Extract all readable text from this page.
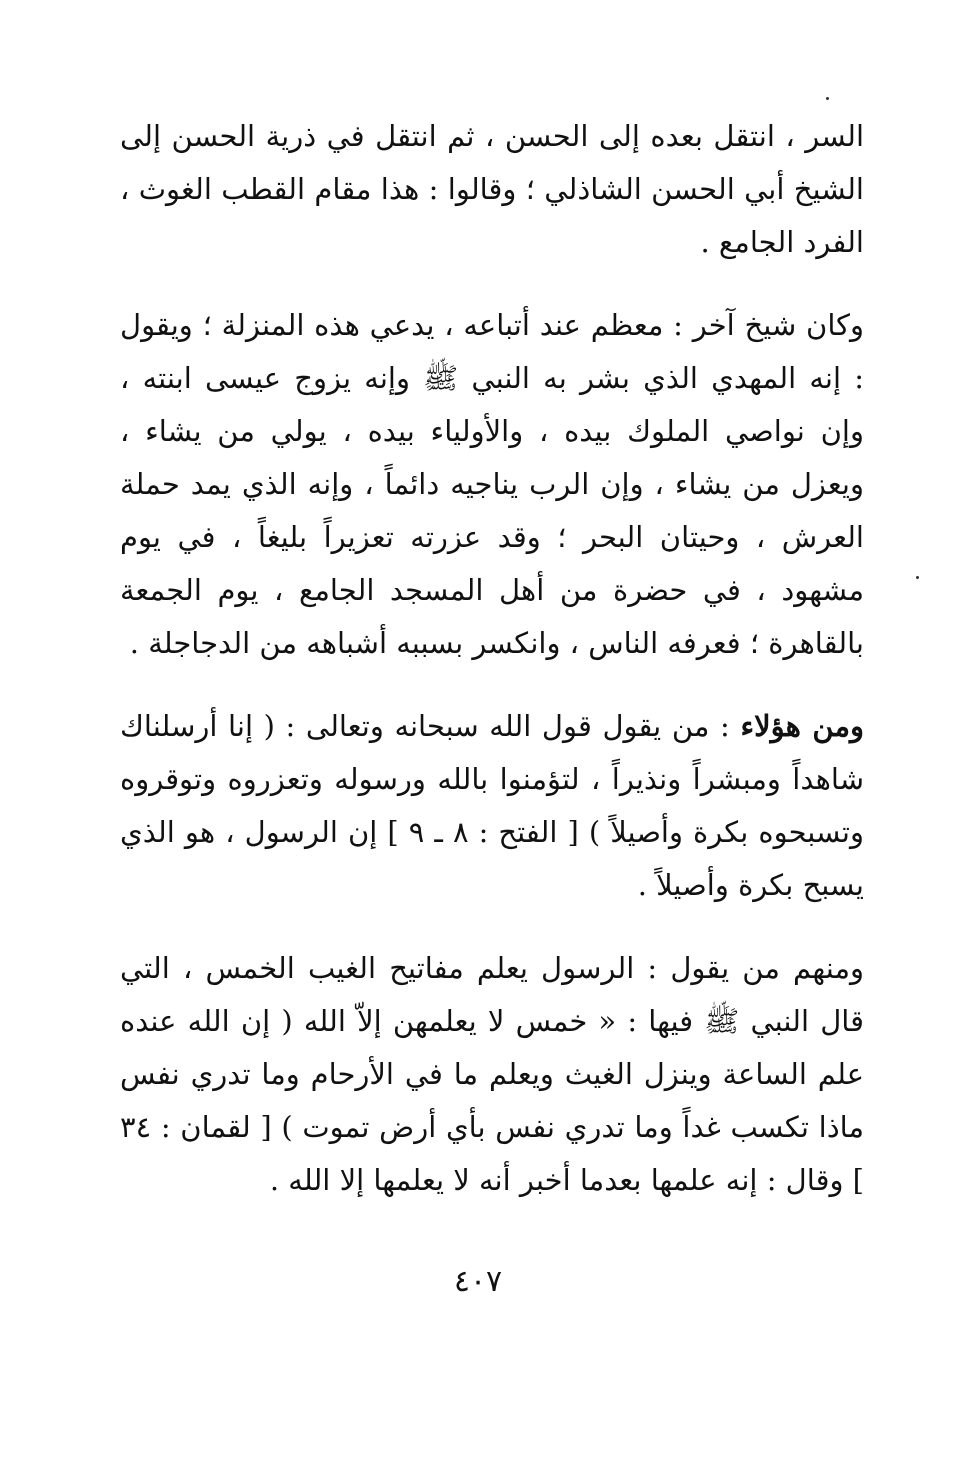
السر ، انتقل بعده إلى الحسن ، ثم انتقل في ذرية الحسن إلى الشيخ أبي الحسن الشاذلي ؛ وقالوا : هذا مقام القطب الغوث ، الفرد الجامع .

وكان شيخ آخر : معظم عند أتباعه ، يدعي هذه المنزلة ؛ ويقول : إنه المهدي الذي بشر به النبي ﷺ وإنه يزوج عيسى ابنته ، وإن نواصي الملوك بيده ، والأولياء بيده ، يولي من يشاء ، ويعزل من يشاء ، وإن الرب يناجيه دائماً ، وإنه الذي يمد حملة العرش ، وحيتان البحر ؛ وقد عزرته تعزيراً بليغاً ، في يوم مشهود ، في حضرة من أهل المسجد الجامع ، يوم الجمعة بالقاهرة ؛ فعرفه الناس ، وانكسر بسببه أشباهه من الدجاجلة .

ومن هؤلاء : من يقول قول الله سبحانه وتعالى : ( إنا أرسلناك شاهداً ومبشراً ونذيراً ، لتؤمنوا بالله ورسوله وتعزروه وتوقروه وتسبحوه بكرة وأصيلاً ) [ الفتح : ٨ ـ ٩ ] إن الرسول ، هو الذي يسبح بكرة وأصيلاً .

ومنهم من يقول : الرسول يعلم مفاتيح الغيب الخمس ، التي قال النبي ﷺ فيها : « خمس لا يعلمهن إلاّ الله ( إن الله عنده علم الساعة وينزل الغيث ويعلم ما في الأرحام وما تدري نفس ماذا تكسب غداً وما تدري نفس بأي أرض تموت ) [ لقمان : ٣٤ ] وقال : إنه علمها بعدما أخبر أنه لا يعلمها إلا الله .

٤٠٧
